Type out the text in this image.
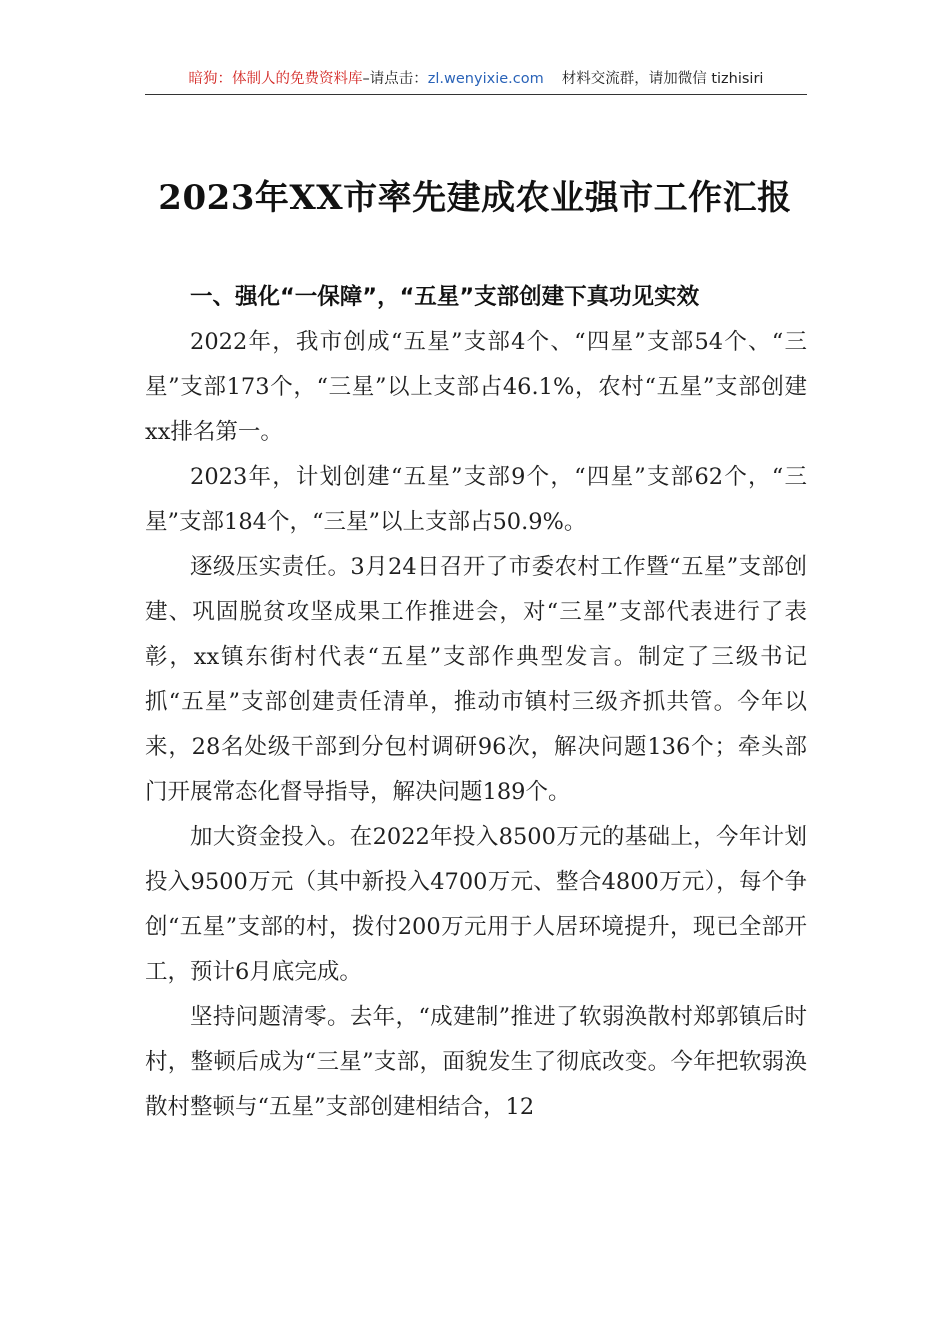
暗狗：体制人的免费资料库–请点击：zl.wenyixie.com 材料交流群，请加微信 tizhisiri
2023年XX市率先建成农业强市工作汇报
一、强化“一保障”，“五星”支部创建下真功见实效

2022年，我市创成“五星”支部4个、“四星”支部54个、“三星”支部173个，“三星”以上支部占46.1%，农村“五星”支部创建xx排名第一。

2023年，计划创建“五星”支部9个，“四星”支部62个，“三星”支部184个，“三星”以上支部占50.9%。

逐级压实责任。3月24日召开了市委农村工作暨“五星”支部创建、巩固脱贫攻坚成果工作推进会，对“三星”支部代表进行了表彰，xx镇东街村代表“五星”支部作典型发言。制定了三级书记抓“五星”支部创建责任清单，推动市镇村三级齐抓共管。今年以来，28名处级干部到分包村调研96次，解决问题136个；牵头部门开展常态化督导指导，解决问题189个。

加大资金投入。在2022年投入8500万元的基础上，今年计划投入9500万元（其中新投入4700万元、整合4800万元），每个争创“五星”支部的村，拨付200万元用于人居环境提升，现已全部开工，预计6月底完成。

坚持问题清零。去年，“成建制”推进了软弱涣散村郑郭镇后时村，整顿后成为“三星”支部，面貌发生了彻底改变。今年把软弱涣散村整顿与“五星”支部创建相结合，12
